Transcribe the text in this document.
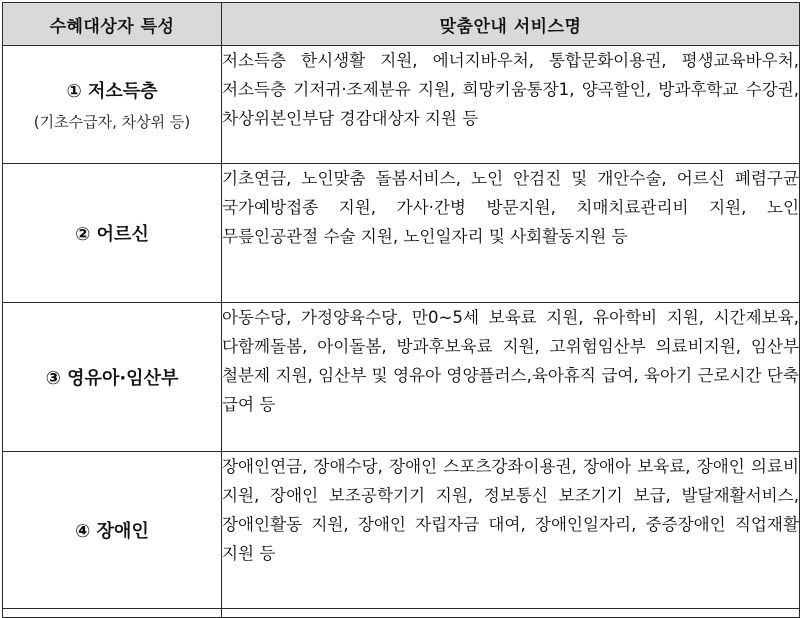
수혜대상자 특성	맞춤안내 서비스명

① 저소득층
(기초수급자, 차상위 등)	저소득층 한시생활 지원, 에너지바우처, 통합문화이용권, 평생교육바우처, 저소득층 기저귀·조제분유 지원, 희망키움통장1, 양곡할인, 방과후학교 수강권, 차상위본인부담 경감대상자 지원 등

② 어르신	기초연금, 노인맞춤 돌봄서비스, 노인 안검진 및 개안수술, 어르신 폐렴구균 국가예방접종 지원, 가사·간병 방문지원, 치매치료관리비 지원, 노인 무릎인공관절 수술 지원, 노인일자리 및 사회활동지원 등

③ 영유아·임산부	아동수당, 가정양육수당, 만0~5세 보육료 지원, 유아학비 지원, 시간제보육, 다함께돌봄, 아이돌봄, 방과후보육료 지원, 고위험임산부 의료비지원, 임산부 철분제 지원, 임산부 및 영유아 영양플러스,육아휴직 급여, 육아기 근로시간 단축 급여 등

④ 장애인	장애인연금, 장애수당, 장애인 스포츠강좌이용권, 장애아 보육료, 장애인 의료비 지원, 장애인 보조공학기기 지원, 정보통신 보조기기 보급, 발달재활서비스, 장애인활동 지원, 장애인 자립자금 대여, 장애인일자리, 중증장애인 직업재활 지원 등
